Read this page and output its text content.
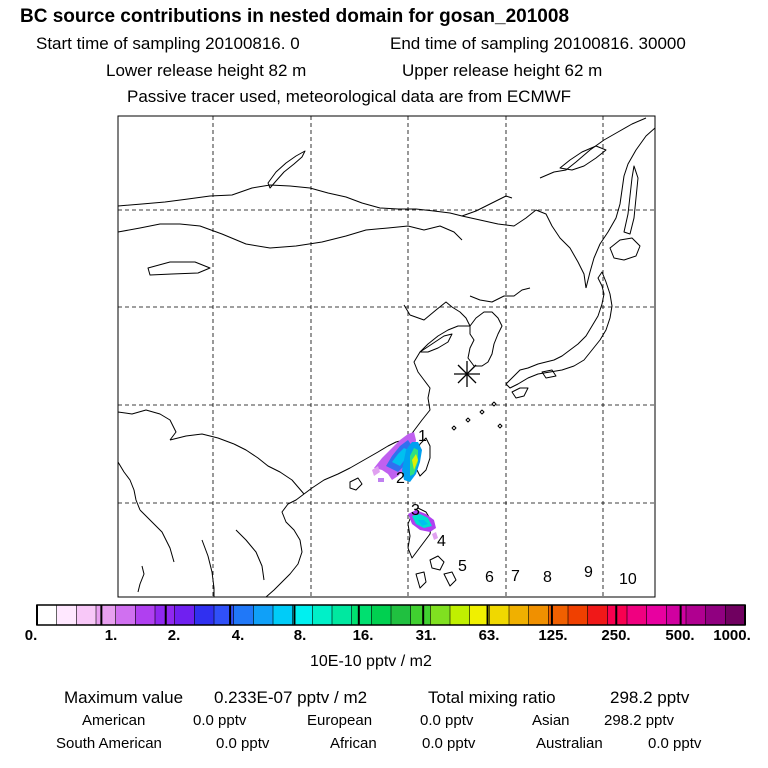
BC source contributions in nested domain for gosan_201008
Start time of sampling 20100816. 0	End time of sampling 20100816. 30000
Lower release height 82 m	Upper release height 62 m
Passive tracer used, meteorological data are from ECMWF
1
2
3
4
5
6 7 8 9 10
0.	1.	2.	4.	8.	16.	31.	63.	125. 250. 500. 1000.
10E-10 pptv / m2
Maximum value 0.233E-07 pptv / m2	Total mixing ratio	298.2 pptv
American	0.0 pptv	European	0.0 pptv	Asian 298.2 pptv
South American	0.0 pptv	African	0.0 pptv	Australian	0.0 pptv
